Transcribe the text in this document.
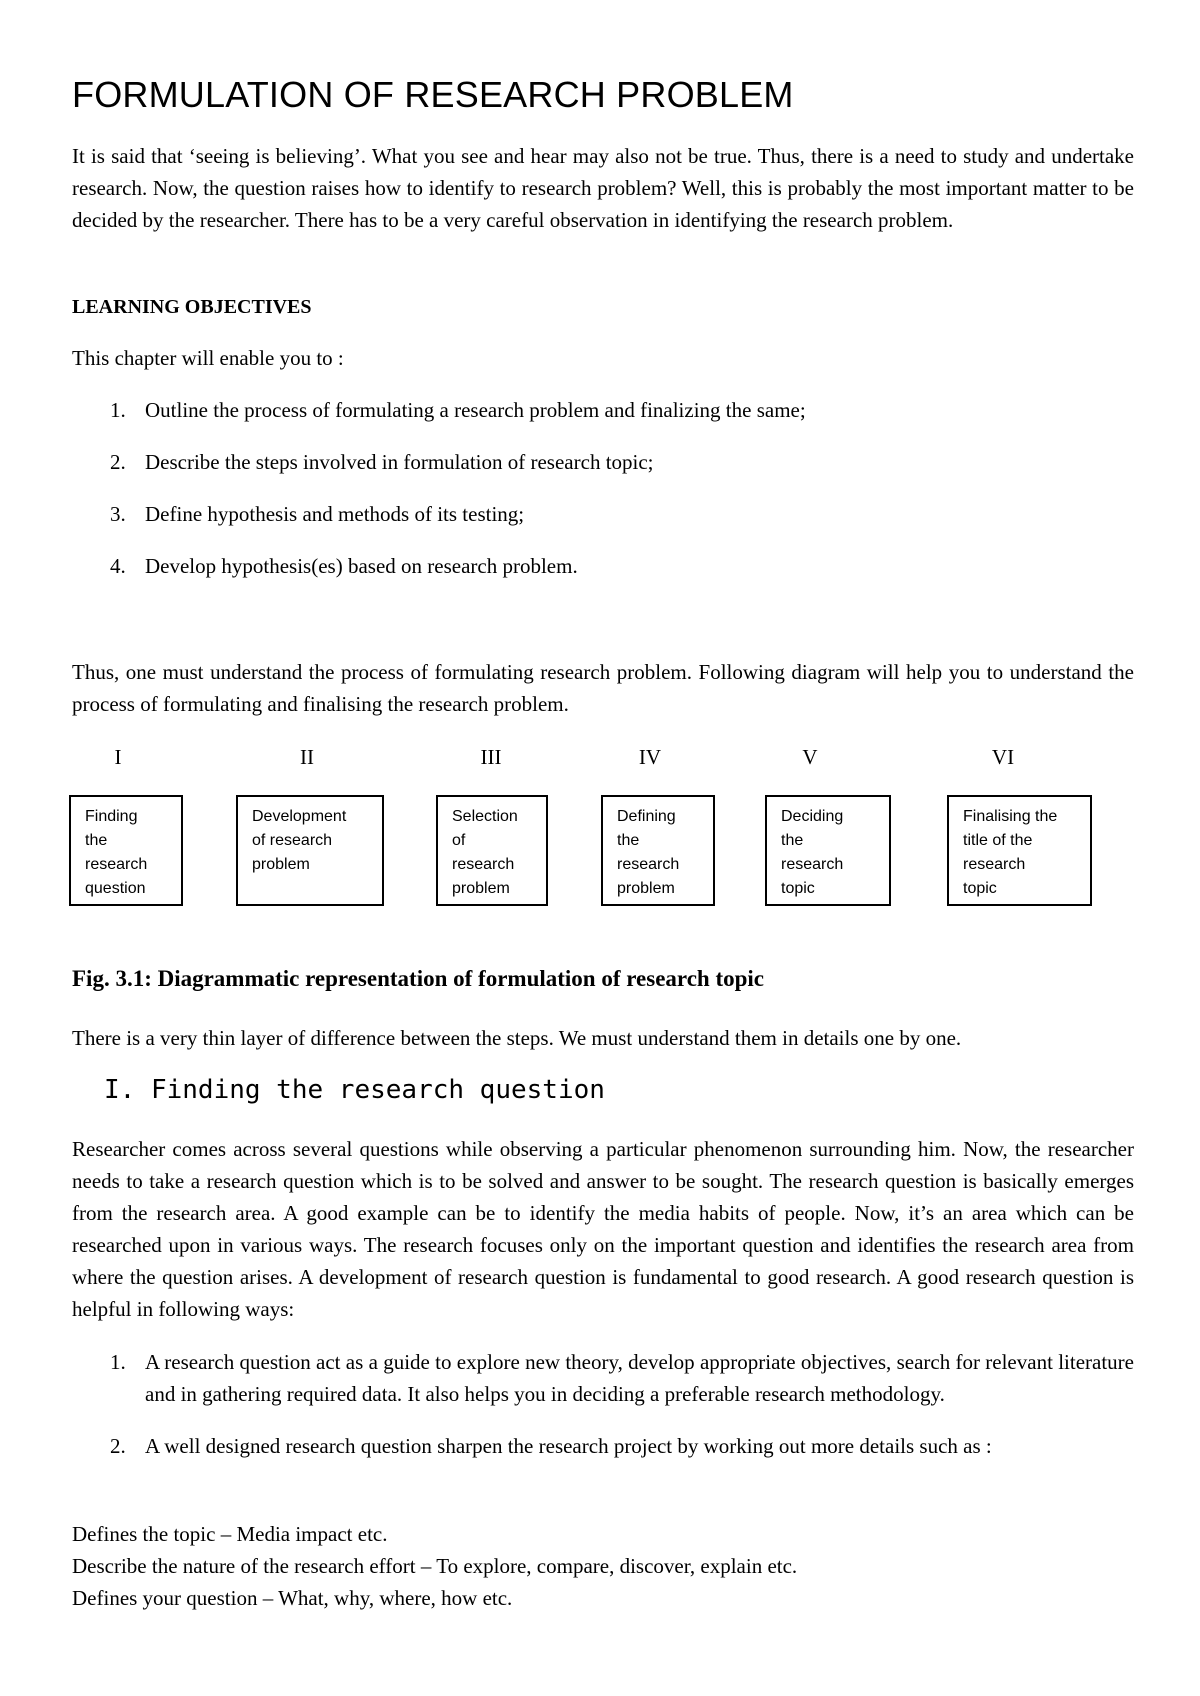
FORMULATION OF RESEARCH PROBLEM

It is said that ‘seeing is believing’. What you see and hear may also not be true. Thus, there is a need to study and undertake research. Now, the question raises how to identify to research problem? Well, this is probably the most important matter to be decided by the researcher. There has to be a very careful observation in identifying the research problem.

LEARNING OBJECTIVES
This chapter will enable you to :
1. Outline the process of formulating a research problem and finalizing the same;
2. Describe the steps involved in formulation of research topic;
3. Define hypothesis and methods of its testing;
4. Develop hypothesis(es) based on research problem.

Thus, one must understand the process of formulating research problem. Following diagram will help you to understand the process of formulating and finalising the research problem.

I	II	III	IV	V	VI
Finding
the
research
question
Development
of research
problem
Selection
of
research
problem
Defining
the
research
problem
Deciding
the
research
topic
Finalising the
title of the
research
topic
Fig. 3.1: Diagrammatic representation of formulation of research topic
There is a very thin layer of difference between the steps. We must understand them in details one by one.
I. Finding the research question

Researcher comes across several questions while observing a particular phenomenon surrounding him. Now, the researcher needs to take a research question which is to be solved and answer to be sought. The research question is basically emerges from the research area. A good example can be to identify the media habits of people. Now, it’s an area which can be researched upon in various ways. The research focuses only on the important question and identifies the research area from where the question arises. A development of research question is fundamental to good research. A good research question is helpful in following ways:

1. A research question act as a guide to explore new theory, develop appropriate objectives, search for relevant literature and in gathering required data. It also helps you in deciding a preferable research methodology.
2. A well designed research question sharpen the research project by working out more details such as :
Defines the topic – Media impact etc.
Describe the nature of the research effort – To explore, compare, discover, explain etc.
Defines your question – What, why, where, how etc.
